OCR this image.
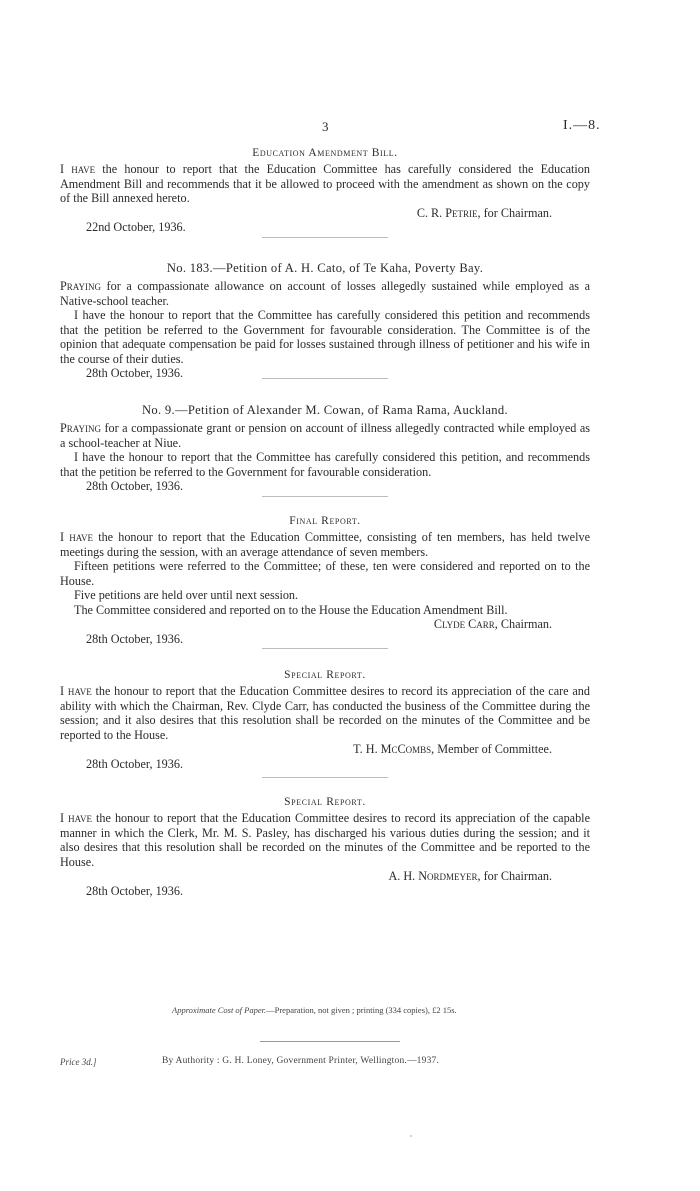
3	I.—8.
Education Amendment Bill.

I have the honour to report that the Education Committee has carefully considered the Education Amendment Bill and recommends that it be allowed to proceed with the amendment as shown on the copy of the Bill annexed hereto.

C. R. Petrie, for Chairman.
22nd October, 1936.
No. 183.—Petition of A. H. Cato, of Te Kaha, Poverty Bay.

Praying for a compassionate allowance on account of losses allegedly sustained while employed as a Native-school teacher.

I have the honour to report that the Committee has carefully considered this petition and recommends that the petition be referred to the Government for favourable consideration. The Committee is of the opinion that adequate compensation be paid for losses sustained through illness of petitioner and his wife in the course of their duties.

28th October, 1936.
No. 9.—Petition of Alexander M. Cowan, of Rama Rama, Auckland.

Praying for a compassionate grant or pension on account of illness allegedly contracted while employed as a school-teacher at Niue.

I have the honour to report that the Committee has carefully considered this petition, and recommends that the petition be referred to the Government for favourable consideration.

28th October, 1936.
Final Report.

I have the honour to report that the Education Committee, consisting of ten members, has held twelve meetings during the session, with an average attendance of seven members.

Fifteen petitions were referred to the Committee; of these, ten were considered and reported on to the House.

Five petitions are held over until next session.

The Committee considered and reported on to the House the Education Amendment Bill.

Clyde Carr, Chairman.
28th October, 1936.
Special Report.

I have the honour to report that the Education Committee desires to record its appreciation of the care and ability with which the Chairman, Rev. Clyde Carr, has conducted the business of the Committee during the session; and it also desires that this resolution shall be recorded on the minutes of the Committee and be reported to the House.

T. H. McCombs, Member of Committee.
28th October, 1936.
Special Report.

I have the honour to report that the Education Committee desires to record its appreciation of the capable manner in which the Clerk, Mr. M. S. Pasley, has discharged his various duties during the session; and it also desires that this resolution shall be recorded on the minutes of the Committee and be reported to the House.

A. H. Nordmeyer, for Chairman.
28th October, 1936.
Approximate Cost of Paper.—Preparation, not given ; printing (334 copies), £2 15s.
Price 3d.]	By Authority : G. H. Loney, Government Printer, Wellington.—1937.
